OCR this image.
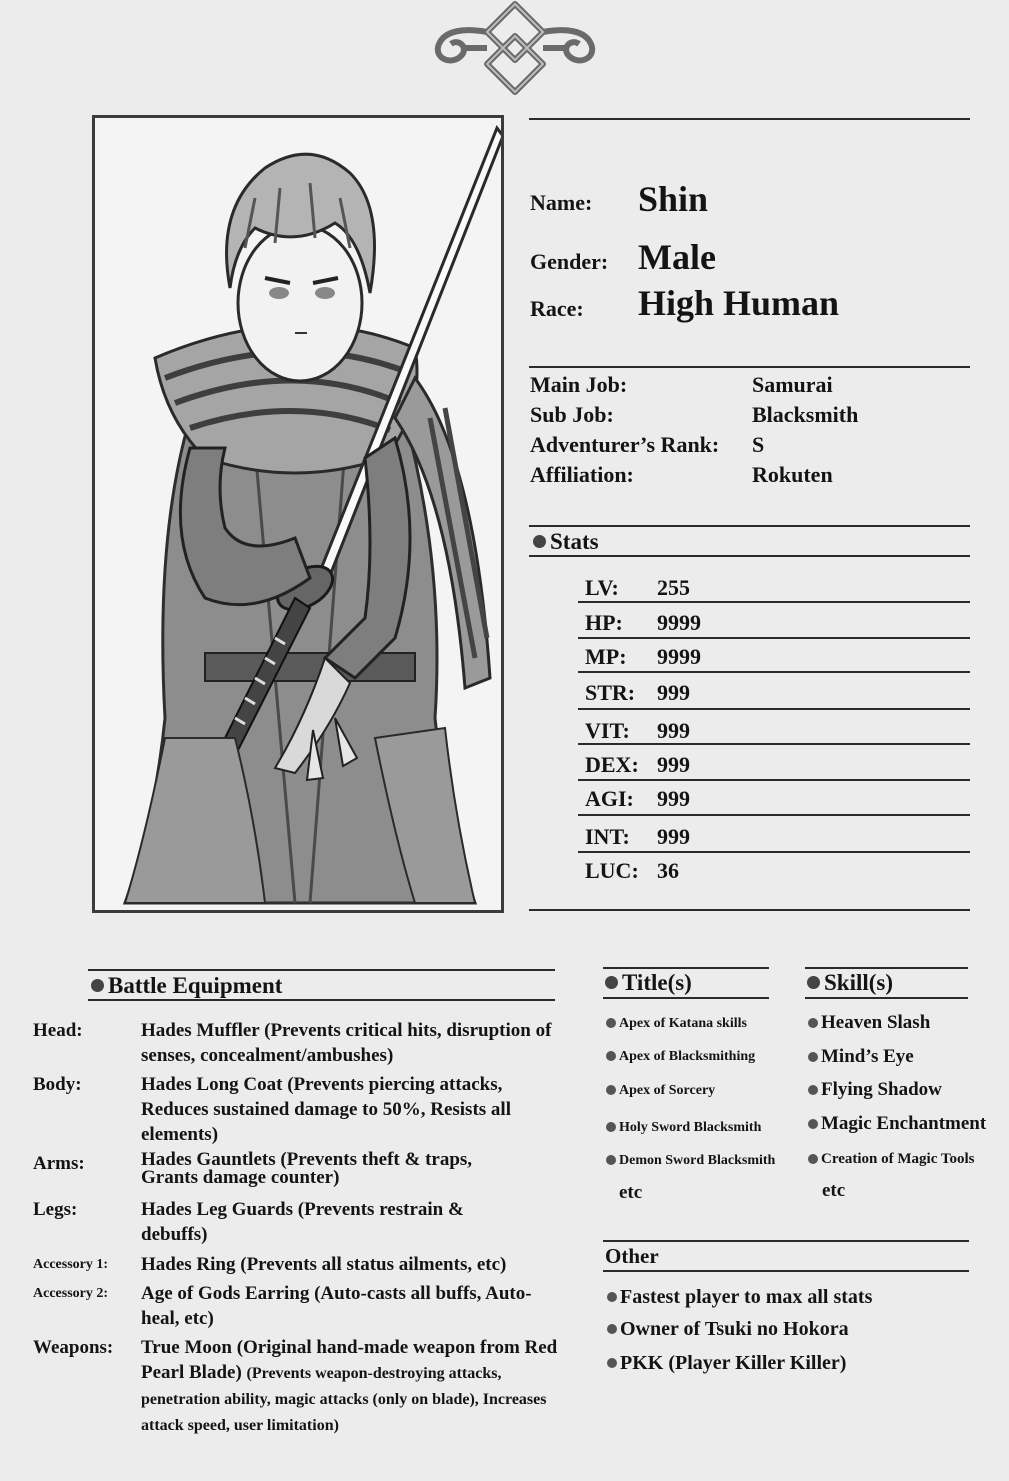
Name: Shin
Gender: Male
Race: High Human
Main Job:	Samurai
Sub Job:	Blacksmith
Adventurer’s Rank: S
Affiliation:	Rokuten
Stats
LV: 255
HP: 9999
MP: 9999
STR: 999
VIT: 999
DEX: 999
AGI: 999
INT: 999
LUC: 36
Battle Equipment
Head:	Hades Muffler (Prevents critical hits, disruption of senses, concealment/ambushes)
Body:	Hades Long Coat (Prevents piercing attacks, Reduces sustained damage to 50%, Resists all elements)
Arms:	Hades Gauntlets (Prevents theft & traps, Grants damage counter)
Legs:	Hades Leg Guards (Prevents restrain & debuffs)
Accessory 1: Hades Ring (Prevents all status ailments, etc)
Accessory 2: Age of Gods Earring (Auto-casts all buffs, Auto-heal, etc)
Weapons: True Moon (Original hand-made weapon from Red Pearl Blade) (Prevents weapon-destroying attacks, penetration ability, magic attacks (only on blade), Increases attack speed, user limitation)
Title(s)
Apex of Katana skills
Apex of Blacksmithing
Apex of Sorcery
Holy Sword Blacksmith
Demon Sword Blacksmith
etc
Skill(s)
Heaven Slash
Mind’s Eye
Flying Shadow
Magic Enchantment
Creation of Magic Tools
etc
Other
Fastest player to max all stats
Owner of Tsuki no Hokora
PKK (Player Killer Killer)
